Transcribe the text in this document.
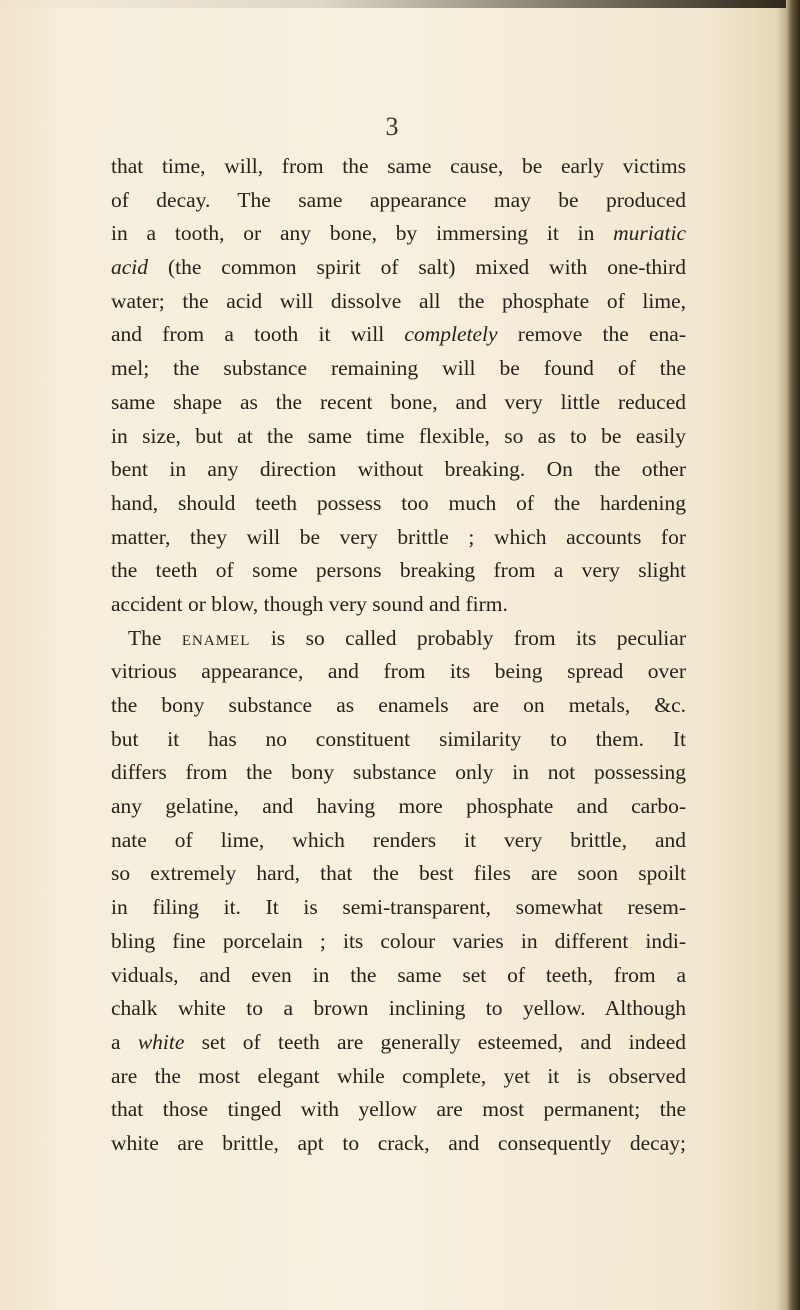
3
that time, will, from the same cause, be early victims
of decay. The same appearance may be produced
in a tooth, or any bone, by immersing it in muriatic
acid (the common spirit of salt) mixed with one-third
water; the acid will dissolve all the phosphate of lime,
and from a tooth it will completely remove the ena-
mel; the substance remaining will be found of the
same shape as the recent bone, and very little reduced
in size, but at the same time flexible, so as to be easily
bent in any direction without breaking. On the other
hand, should teeth possess too much of the hardening
matter, they will be very brittle ; which accounts for
the teeth of some persons breaking from a very slight
accident or blow, though very sound and firm.
The enamel is so called probably from its peculiar
vitrious appearance, and from its being spread over
the bony substance as enamels are on metals, &c.
but it has no constituent similarity to them. It
differs from the bony substance only in not possessing
any gelatine, and having more phosphate and carbo-
nate of lime, which renders it very brittle, and
so extremely hard, that the best files are soon spoilt
in filing it. It is semi-transparent, somewhat resem-
bling fine porcelain ; its colour varies in different indi-
viduals, and even in the same set of teeth, from a
chalk white to a brown inclining to yellow. Although
a white set of teeth are generally esteemed, and indeed
are the most elegant while complete, yet it is observed
that those tinged with yellow are most permanent; the
white are brittle, apt to crack, and consequently decay;
